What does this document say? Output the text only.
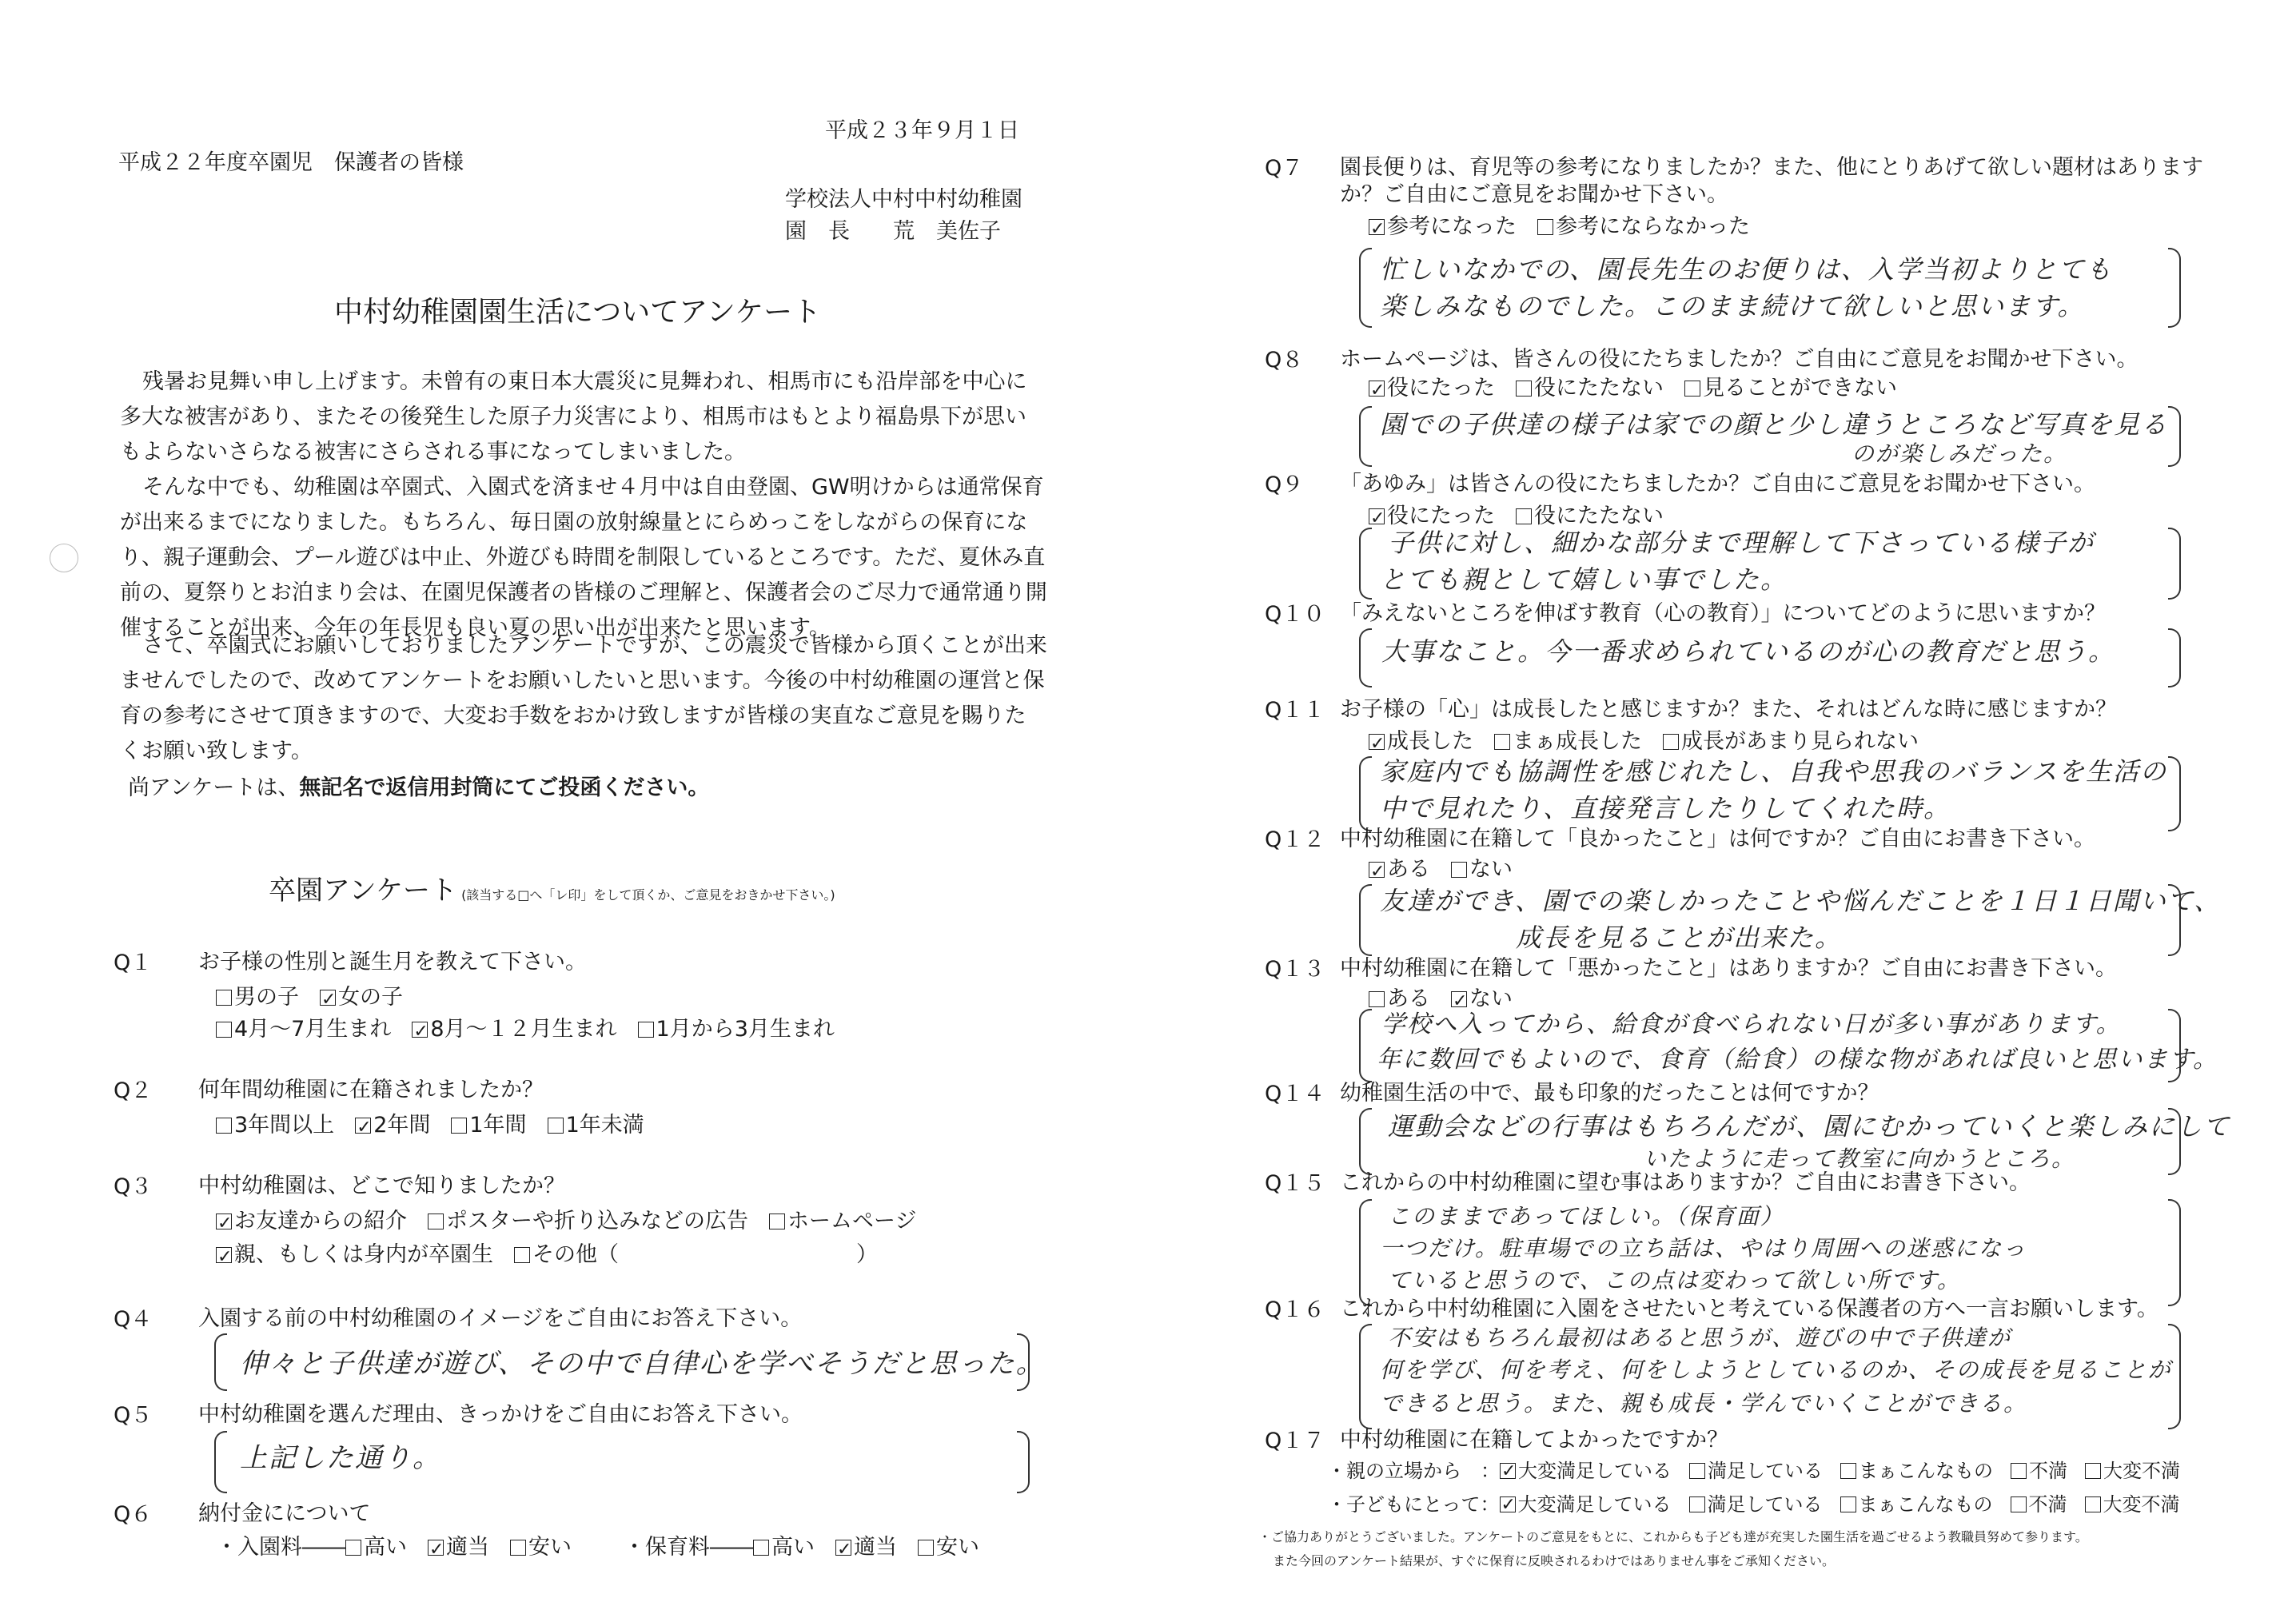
平成２３年９月１日
平成２２年度卒園児　保護者の皆様
学校法人中村中村幼稚園
園　長　　荒　美佐子
中村幼稚園園生活についてアンケート
残暑お見舞い申し上げます。未曾有の東日本大震災に見舞われ、相馬市にも沿岸部を中心に多大な被害があり、またその後発生した原子力災害により、相馬市はもとより福島県下が思いもよらないさらなる被害にさらされる事になってしまいました。
そんな中でも、幼稚園は卒園式、入園式を済ませ４月中は自由登園、GW明けからは通常保育が出来るまでになりました。もちろん、毎日園の放射線量とにらめっこをしながらの保育になり、親子運動会、プール遊びは中止、外遊びも時間を制限しているところです。ただ、夏休み直前の、夏祭りとお泊まり会は、在園児保護者の皆様のご理解と、保護者会のご尽力で通常通り開催することが出来、今年の年長児も良い夏の思い出が出来たと思います。
さて、卒園式にお願いしておりましたアンケートですが、この震災で皆様から頂くことが出来ませんでしたので、改めてアンケートをお願いしたいと思います。今後の中村幼稚園の運営と保育の参考にさせて頂きますので、大変お手数をおかけ致しますが皆様の実直なご意見を賜りたくお願い致します。
尚アンケートは、無記名で返信用封筒にてご投函ください。
卒園アンケート (該当する□へ「レ印」をして頂くか、ご意見をおきかせ下さい。)
Q１ お子様の性別と誕生月を教えて下さい。
男の子 ✓ 女の子
4月～7月生まれ ✓ 8月～１２月生まれ 1月から3月生まれ
Q２ 何年間幼稚園に在籍されましたか？
3年間以上 ✓ 2年間 1年間 1年未満
Q３ 中村幼稚園は、どこで知りましたか？
✓お友達からの紹介 ポスターや折り込みなどの広告 ホームページ
✓親、もしくは身内が卒園生 その他（　　　　　　　　　　　）
Q４ 入園する前の中村幼稚園のイメージをご自由にお答え下さい。
伸々と子供達が遊び、その中で自律心を学べそうだと思った。
Q５ 中村幼稚園を選んだ理由、きっかけをご自由にお答え下さい。
上記した通り。
Q６ 納付金にについて
・入園料―― 高い ✓ 適当 安い	・保育料―― 高い ✓ 適当 安い
Q７ 園長便りは、育児等の参考になりましたか？また、他にとりあげて欲しい題材はあります
か？ご自由にご意見をお聞かせ下さい。
✓参考になった 参考にならなかった
忙しいなかでの、園長先生のお便りは、入学当初よりとても
楽しみなものでした。このまま続けて欲しいと思います。
Q８ ホームページは、皆さんの役にたちましたか？ご自由にご意見をお聞かせ下さい。
✓役にたった 役にたたない 見ることができない
園での子供達の様子は家での顔と少し違うところなど写真を見る
のが楽しみだった。
Q９ 「あゆみ」は皆さんの役にたちましたか？ご自由にご意見をお聞かせ下さい。
✓役にたった 役にたたない
子供に対し、細かな部分まで理解して下さっている様子が
とても親として嬉しい事でした。
Q１０ 「みえないところを伸ばす教育（心の教育）」についてどのように思いますか？
大事なこと。今一番求められているのが心の教育だと思う。
Q１１ お子様の「心」は成長したと感じますか？また、それはどんな時に感じますか？
✓成長した まぁ成長した 成長があまり見られない
家庭内でも協調性を感じれたし、自我や思我のバランスを生活の
中で見れたり、直接発言したりしてくれた時。
Q１２ 中村幼稚園に在籍して「良かったこと」は何ですか？ご自由にお書き下さい。
✓ある ない
友達ができ、園での楽しかったことや悩んだことを１日１日聞いて、
成長を見ることが出来た。
Q１３ 中村幼稚園に在籍して「悪かったこと」はありますか？ご自由にお書き下さい。
ある ✓ ない
学校へ入ってから、給食が食べられない日が多い事があります。
年に数回でもよいので、食育（給食）の様な物があれば良いと思います。
Q１４ 幼稚園生活の中で、最も印象的だったことは何ですか？
運動会などの行事はもちろんだが、園にむかっていくと楽しみにして
いたように走って教室に向かうところ。
Q１５ これからの中村幼稚園に望む事はありますか？ご自由にお書き下さい。
このままであってほしい。（保育面）
一つだけ。駐車場での立ち話は、やはり周囲への迷惑になっ
ていると思うので、この点は変わって欲しい所です。
Q１６ これから中村幼稚園に入園をさせたいと考えている保護者の方へ一言お願いします。
不安はもちろん最初はあると思うが、遊びの中で子供達が
何を学び、何を考え、何をしようとしているのか、その成長を見ることが
できると思う。また、親も成長・学んでいくことができる。
Q１７ 中村幼稚園に在籍してよかったですか？
・親の立場から　： ✓ 大変満足している 満足している まぁこんなもの 不満 大変不満
・子どもにとって： ✓ 大変満足している 満足している まぁこんなもの 不満 大変不満
・ご協力ありがとうございました。アンケートのご意見をもとに、これからも子ども達が充実した園生活を過ごせるよう教職員努めて参ります。
また今回のアンケート結果が、すぐに保育に反映されるわけではありません事をご承知ください。
